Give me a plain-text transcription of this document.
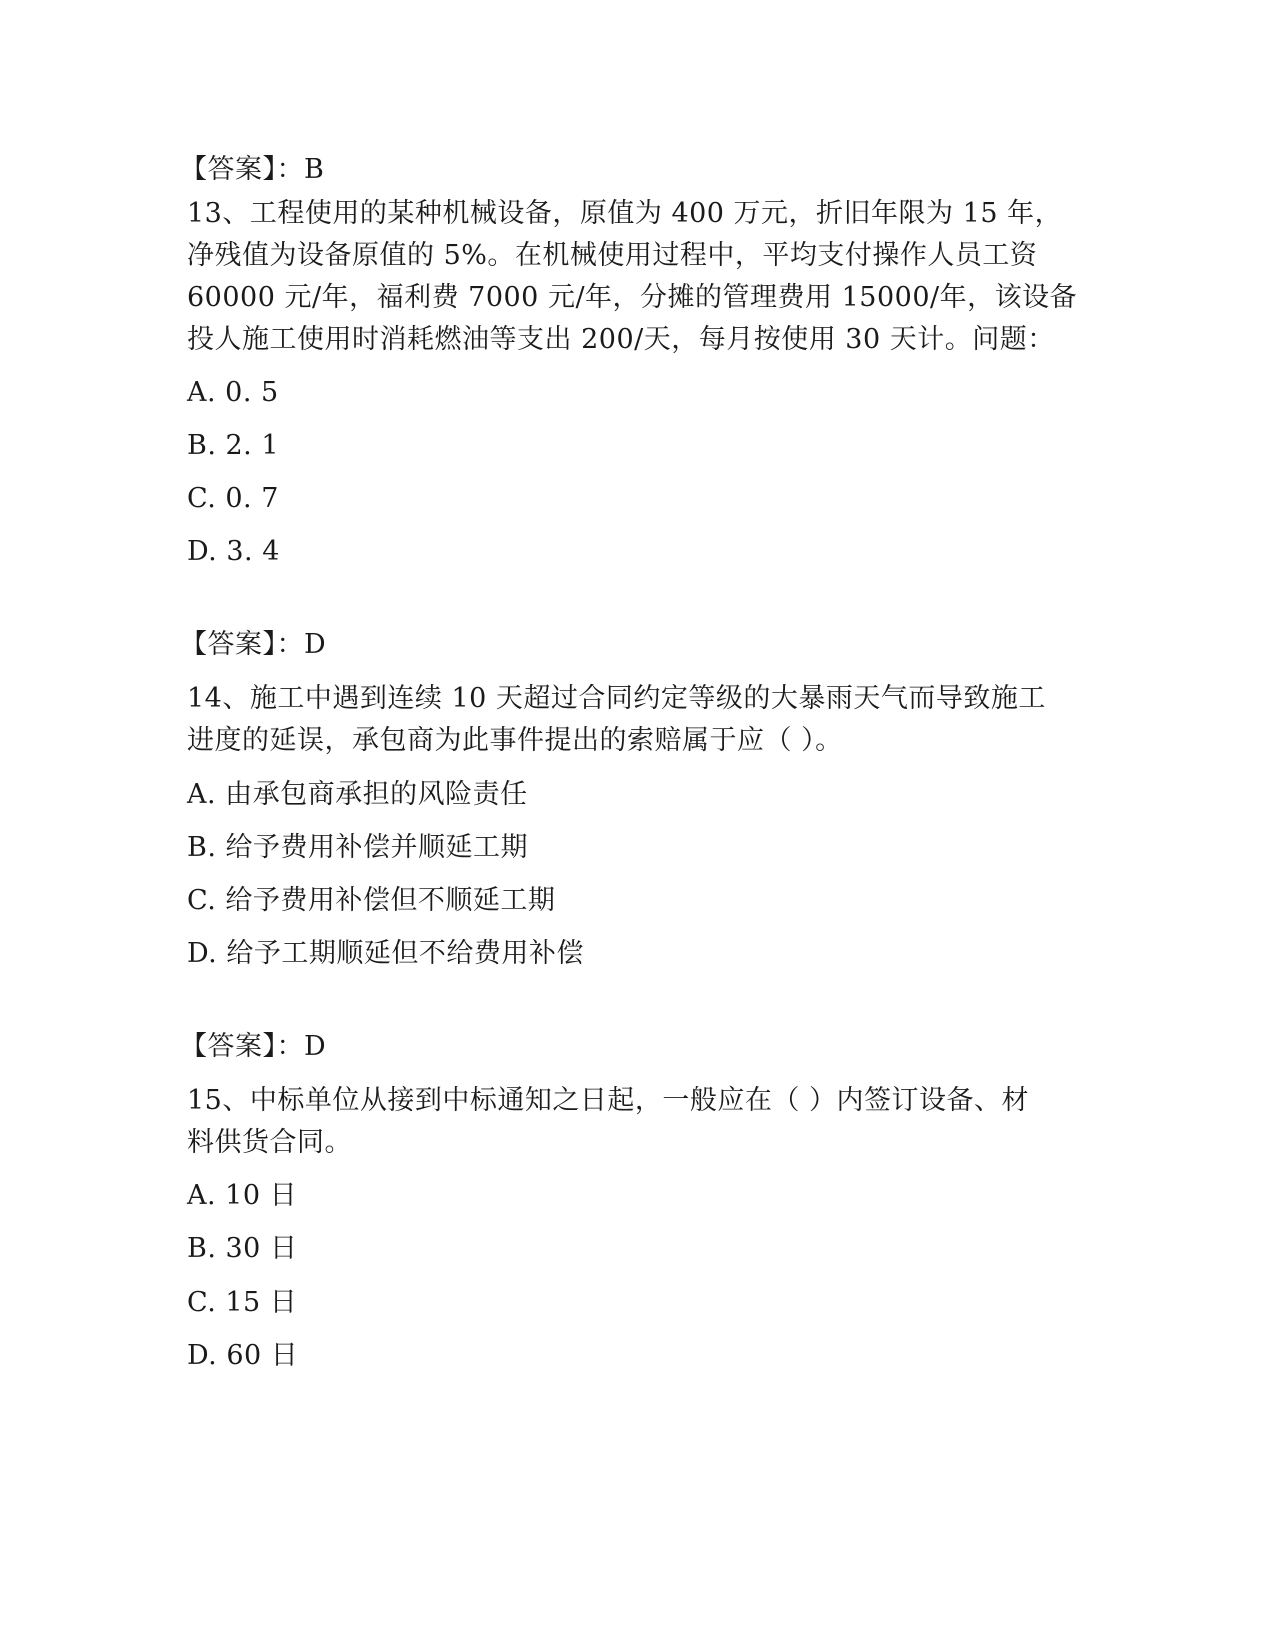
【答案】：B
13、工程使用的某种机械设备，原值为 400 万元，折旧年限为 15 年，
净残值为设备原值的 5%。在机械使用过程中，平均支付操作人员工资
60000 元/年，福利费 7000 元/年，分摊的管理费用 15000/年，该设备
投人施工使用时消耗燃油等支出 200/天，每月按使用 30 天计。问题：
A. 0. 5
B. 2. 1
C. 0. 7
D. 3. 4
【答案】：D
14、施工中遇到连续 10 天超过合同约定等级的大暴雨天气而导致施工
进度的延误，承包商为此事件提出的索赔属于应（ ）。
A. 由承包商承担的风险责任
B. 给予费用补偿并顺延工期
C. 给予费用补偿但不顺延工期
D. 给予工期顺延但不给费用补偿
【答案】：D
15、中标单位从接到中标通知之日起，一般应在（ ）内签订设备、材
料供货合同。
A. 10 日
B. 30 日
C. 15 日
D. 60 日
